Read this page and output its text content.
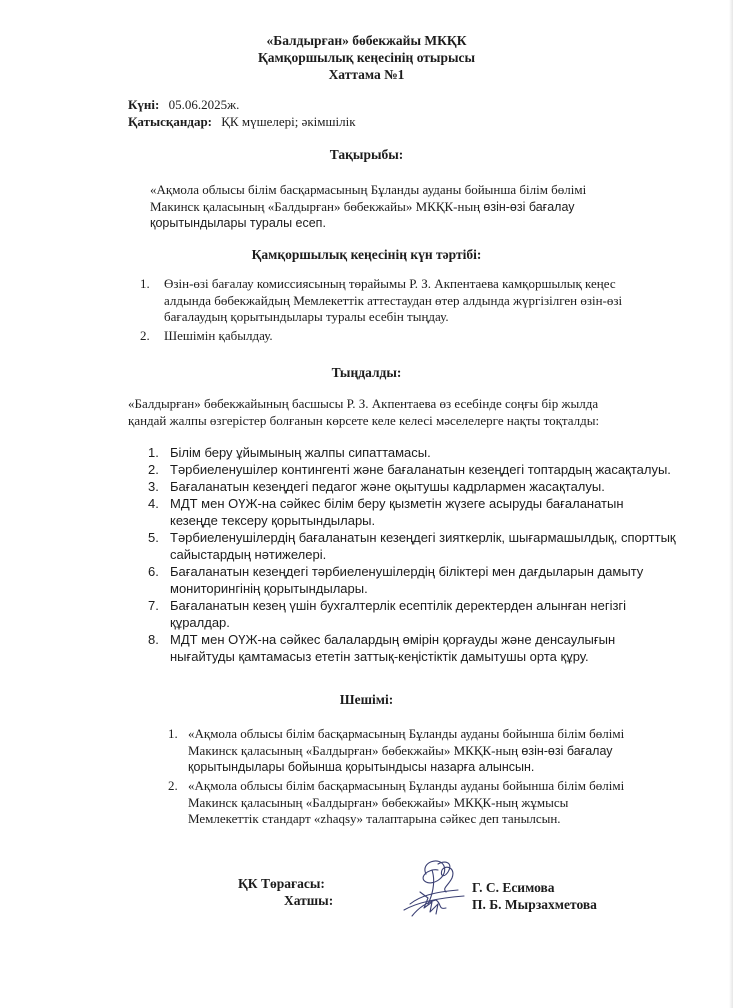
«Балдырған» бөбекжайы МКҚК
Қамқоршылық кеңесінің отырысы
Хаттама №1
Күні: 05.06.2025ж.
Қатысқандар: ҚК мүшелері; әкімшілік
Тақырыбы:
«Ақмола облысы білім басқармасының Бұланды ауданы бойынша білім бөлімі
Макинск қаласының «Балдырған» бөбекжайы» МКҚК-ның өзін-өзі бағалау
қорытындылары туралы есеп.
Қамқоршылық кеңесінің күн тәртібі:
1. Өзін-өзі бағалау комиссиясының төрайымы Р. З. Акпентаева камқоршылық кеңес
алдында бөбекжайдың Мемлекеттік аттестаудан өтер алдында жүргізілген өзін-өзі
бағалаудың қорытындылары туралы есебін тыңдау.
2. Шешімін қабылдау.
Тыңдалды:
«Балдырған» бөбекжайының басшысы Р. З. Акпентаева өз есебінде соңғы бір жылда
қандай жалпы өзгерістер болғанын көрсете келе келесі мәселелерге нақты тоқталды:
1. Білім беру ұйымының жалпы сипаттамасы.
2. Тәрбиеленушілер контингенті және бағаланатын кезеңдегі топтардың жасақталуы.
3. Бағаланатын кезеңдегі педагог және оқытушы кадрлармен жасақталуы.
4. МДТ мен ОҮЖ-на сәйкес білім беру қызметін жүзеге асыруды бағаланатын
кезеңде тексеру қорытындылары.
5. Тәрбиеленушілердің бағаланатын кезеңдегі зияткерлік, шығармашылдық, спорттық
сайыстардың нәтижелері.
6. Бағаланатын кезеңдегі тәрбиеленушілердің біліктері мен дағдыларын дамыту
мониторингінің қорытындылары.
7. Бағаланатын кезең үшін бухгалтерлік есептілік деректерден алынған негізгі
құралдар.
8. МДТ мен ОҮЖ-на сәйкес балалардың өмірін қорғауды және денсаулығын
нығайтуды қамтамасыз ететін заттық-кеңістіктік дамытушы орта құру.
Шешімі:
1. «Ақмола облысы білім басқармасының Бұланды ауданы бойынша білім бөлімі
Макинск қаласының «Балдырған» бөбекжайы» МКҚК-ның өзін-өзі бағалау
қорытындылары бойынша қорытындысы назарға алынсын.
2. «Ақмола облысы білім басқармасының Бұланды ауданы бойынша білім бөлімі
Макинск қаласының «Балдырған» бөбекжайы» МКҚК-ның жұмысы
Мемлекеттік стандарт «zhaqsy» талаптарына сәйкес деп танылсын.
ҚК Төрағасы:
Хатшы:
Г. С. Есимова
П. Б. Мырзахметова
